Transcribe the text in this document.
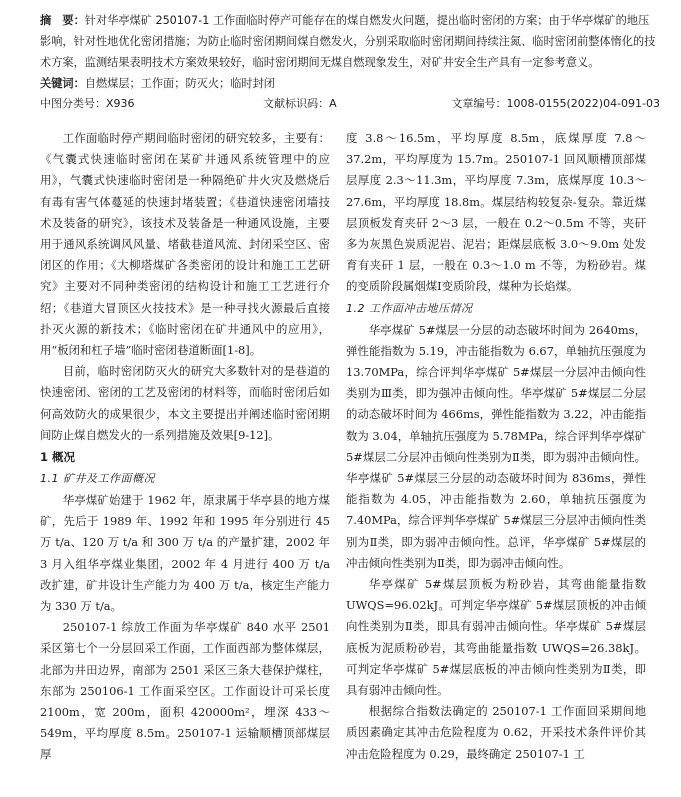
摘　要：针对华亭煤矿 250107-1 工作面临时停产可能存在的煤自燃发火问题，提出临时密闭的方案；由于华亭煤矿的地压影响，针对性地优化密闭措施；为防止临时密闭期间煤自燃发火，分别采取临时密闭期间持续注氮、临时密闭前整体惰化的技术方案，监测结果表明技术方案效果较好，临时密闭期间无煤自燃现象发生，对矿井安全生产具有一定参考意义。
关键词：自燃煤层；工作面；防灭火；临时封闭
中图分类号：X936	文献标识码：A	文章编号：1008-0155(2022)04-091-03

工作面临时停产期间临时密闭的研究较多，主要有：《气囊式快速临时密闭在某矿井通风系统管理中的应用》，气囊式快速临时密闭是一种隔绝矿井火灾及燃烧后有毒有害气体蔓延的快速封堵装置；《巷道快速密闭墙技术及装备的研究》，该技术及装备是一种通风设施，主要用于通风系统调风风量、堵截巷道风流、封闭采空区、密闭区的作用；《大柳塔煤矿各类密闭的设计和施工工艺研究》主要对不同种类密闭的结构设计和施工工艺进行介绍；《巷道大冒顶区火技技术》是一种寻找火源最后直接扑灭火源的新技术；《临时密闭在矿井通风中的应用》，用“板闭和杠子墙”临时密闭巷道断面[1-8]。

目前，临时密闭防灭火的研究大多数针对的是巷道的快速密闭、密闭的工艺及密闭的材料等，而临时密闭后如何高效防火的成果很少，本文主要提出并阐述临时密闭期间防止煤自燃发火的一系列措施及效果[9-12]。

1 概况
1.1 矿井及工作面概况

华亭煤矿始建于 1962 年，原隶属于华亭县的地方煤矿，先后于 1989 年、1992 年和 1995 年分别进行 45 万 t/a、120 万 t/a 和 300 万 t/a 的产量扩建，2002 年 3 月入组华亭煤业集团，2002 年 4 月进行 400 万 t/a 改扩建，矿井设计生产能力为 400 万 t/a，核定生产能力为 330 万 t/a。

250107-1 综放工作面为华亭煤矿 840 水平 2501 采区第七个一分层回采工作面，工作面西部为整体煤层，北部为井田边界，南部为 2501 采区三条大巷保护煤柱，东部为 250106-1 工作面采空区。工作面设计可采长度 2100m，宽 200m，面积 420000m²，埋深 433～549m，平均厚度 8.5m。250107-1 运输顺槽顶部煤层厚

度 3.8～16.5m，平均厚度 8.5m，底煤厚度 7.8～37.2m，平均厚度为 15.7m。250107-1 回风顺槽顶部煤层厚度 2.3～11.3m，平均厚度 7.3m，底煤厚度 10.3～27.6m，平均厚度 18.8m。煤层结构较复杂-复杂。靠近煤层顶板发育夹矸 2～3 层，一般在 0.2～0.5m 不等，夹矸多为灰黑色炭质泥岩、泥岩；距煤层底板 3.0～9.0m 处发育有夹矸 1 层，一般在 0.3～1.0 m 不等，为粉砂岩。煤的变质阶段属烟煤Ⅰ变质阶段，煤种为长焰煤。

1.2 工作面冲击地压情况

华亭煤矿 5#煤层一分层的动态破坏时间为 2640ms，弹性能指数为 5.19，冲击能指数为 6.67，单轴抗压强度为 13.70MPa，综合评判华亭煤矿 5#煤层一分层冲击倾向性类别为Ⅲ类，即为强冲击倾向性。华亭煤矿 5#煤层二分层的动态破坏时间为 466ms，弹性能指数为 3.22，冲击能指数为 3.04，单轴抗压强度为 5.78MPa，综合评判华亭煤矿 5#煤层二分层冲击倾向性类别为Ⅱ类，即为弱冲击倾向性。华亭煤矿 5#煤层三分层的动态破坏时间为 836ms，弹性能指数为 4.05，冲击能指数为 2.60，单轴抗压强度为 7.40MPa，综合评判华亭煤矿 5#煤层三分层冲击倾向性类别为Ⅱ类，即为弱冲击倾向性。总评，华亭煤矿 5#煤层的冲击倾向性类别为Ⅱ类，即为弱冲击倾向性。

华亭煤矿 5#煤层顶板为粉砂岩，其弯曲能量指数 UWQS=96.02kJ。可判定华亭煤矿 5#煤层顶板的冲击倾向性类别为Ⅱ类，即具有弱冲击倾向性。华亭煤矿 5#煤层底板为泥质粉砂岩，其弯曲能量指数 UWQS=26.38kJ。可判定华亭煤矿 5#煤层底板的冲击倾向性类别为Ⅱ类，即具有弱冲击倾向性。

根据综合指数法确定的 250107-1 工作面回采期间地质因素确定其冲击危险程度为 0.62，开采技术条件评价其冲击危险程度为 0.29，最终确定 250107-1 工
